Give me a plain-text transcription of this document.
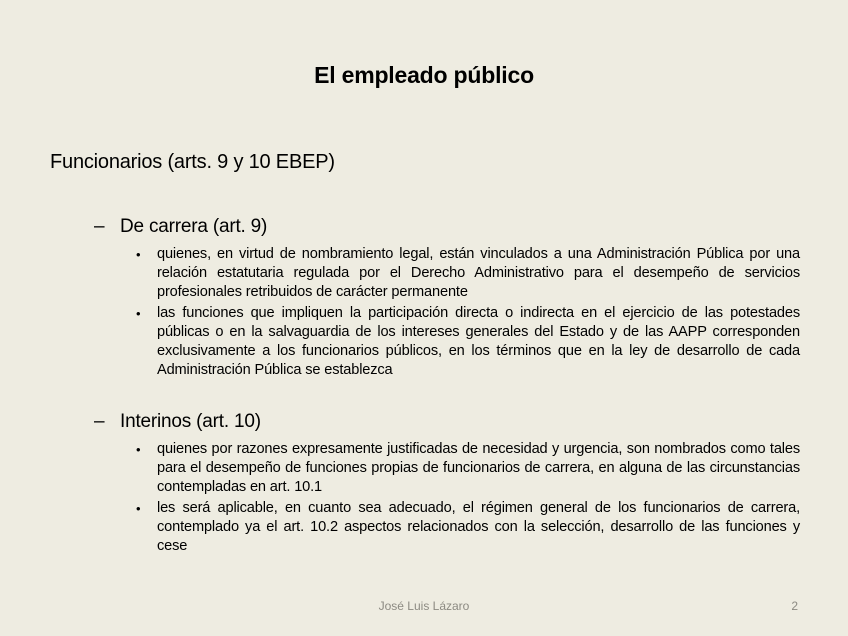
El empleado público
Funcionarios (arts. 9 y 10 EBEP)
– De carrera (art. 9)
• quienes, en virtud de nombramiento legal, están vinculados a una Administración Pública por una relación estatutaria regulada por el Derecho Administrativo para el desempeño de servicios profesionales retribuidos de carácter permanente
• las funciones que impliquen la participación directa o indirecta en el ejercicio de las potestades públicas o en la salvaguardia de los intereses generales del Estado y de las AAPP corresponden exclusivamente a los funcionarios públicos, en los términos que en la ley de desarrollo de cada Administración Pública se establezca
– Interinos (art. 10)
• quienes por razones expresamente justificadas de necesidad y urgencia, son nombrados como tales para el desempeño de funciones propias de funcionarios de carrera, en alguna de las circunstancias contempladas en art. 10.1
• les será aplicable, en cuanto sea adecuado, el régimen general de los funcionarios de carrera, contemplado ya el art. 10.2 aspectos relacionados con la selección, desarrollo de las funciones y cese
José Luis Lázaro	2
